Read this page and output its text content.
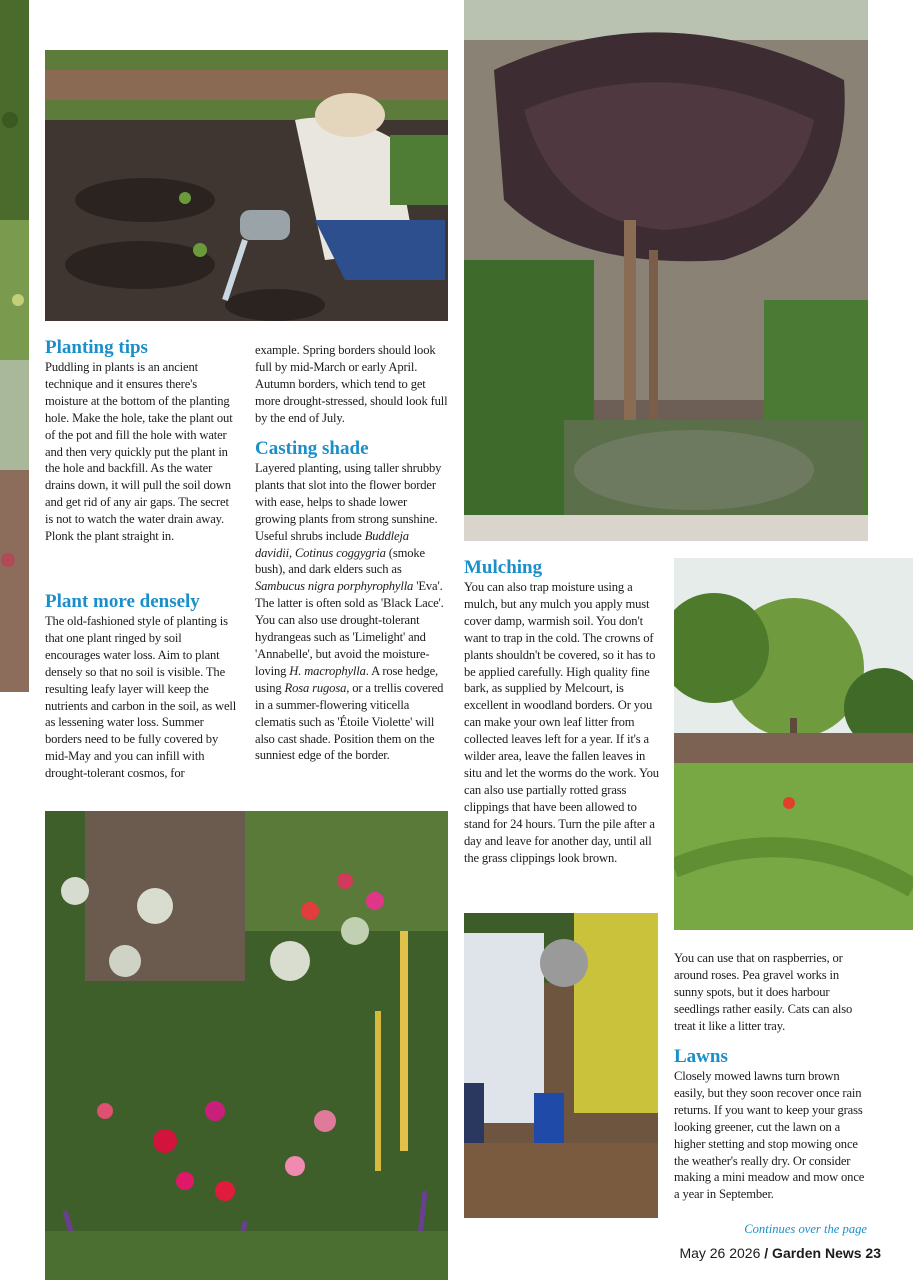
Planting tips

Puddling in plants is an ancient technique and it ensures there's moisture at the bottom of the planting hole. Make the hole, take the plant out of the pot and fill the hole with water and then very quickly put the plant in the hole and backfill. As the water drains down, it will pull the soil down and get rid of any air gaps. The secret is not to watch the water drain away. Plonk the plant straight in.

Plant more densely

The old-fashioned style of planting is that one plant ringed by soil encourages water loss. Aim to plant densely so that no soil is visible. The resulting leafy layer will keep the nutrients and carbon in the soil, as well as lessening water loss. Summer borders need to be fully covered by mid-May and you can infill with drought-tolerant cosmos, for

example. Spring borders should look full by mid-March or early April. Autumn borders, which tend to get more drought-stressed, should look full by the end of July.

Casting shade

Layered planting, using taller shrubby plants that slot into the flower border with ease, helps to shade lower growing plants from strong sunshine. Useful shrubs include Buddleja davidii, Cotinus coggygria (smoke bush), and dark elders such as Sambucus nigra porphyrophylla 'Eva'. The latter is often sold as 'Black Lace'. You can also use drought-tolerant hydrangeas such as 'Limelight' and 'Annabelle', but avoid the moisture-loving H. macrophylla. A rose hedge, using Rosa rugosa, or a trellis covered in a summer-flowering viticella clematis such as 'Étoile Violette' will also cast shade. Position them on the sunniest edge of the border.

Mulching

You can also trap moisture using a mulch, but any mulch you apply must cover damp, warmish soil. You don't want to trap in the cold. The crowns of plants shouldn't be covered, so it has to be applied carefully. High quality fine bark, as supplied by Melcourt, is excellent in woodland borders. Or you can make your own leaf litter from collected leaves left for a year. If it's a wilder area, leave the fallen leaves in situ and let the worms do the work. You can also use partially rotted grass clippings that have been allowed to stand for 24 hours. Turn the pile after a day and leave for another day, until all the grass clippings look brown.

You can use that on raspberries, or around roses. Pea gravel works in sunny spots, but it does harbour seedlings rather easily. Cats can also treat it like a litter tray.

Lawns

Closely mowed lawns turn brown easily, but they soon recover once rain returns. If you want to keep your grass looking greener, cut the lawn on a higher stetting and stop mowing once the weather's really dry. Or consider making a mini meadow and mow once a year in September.

Continues over the page
May 26 2026 / Garden News 23
